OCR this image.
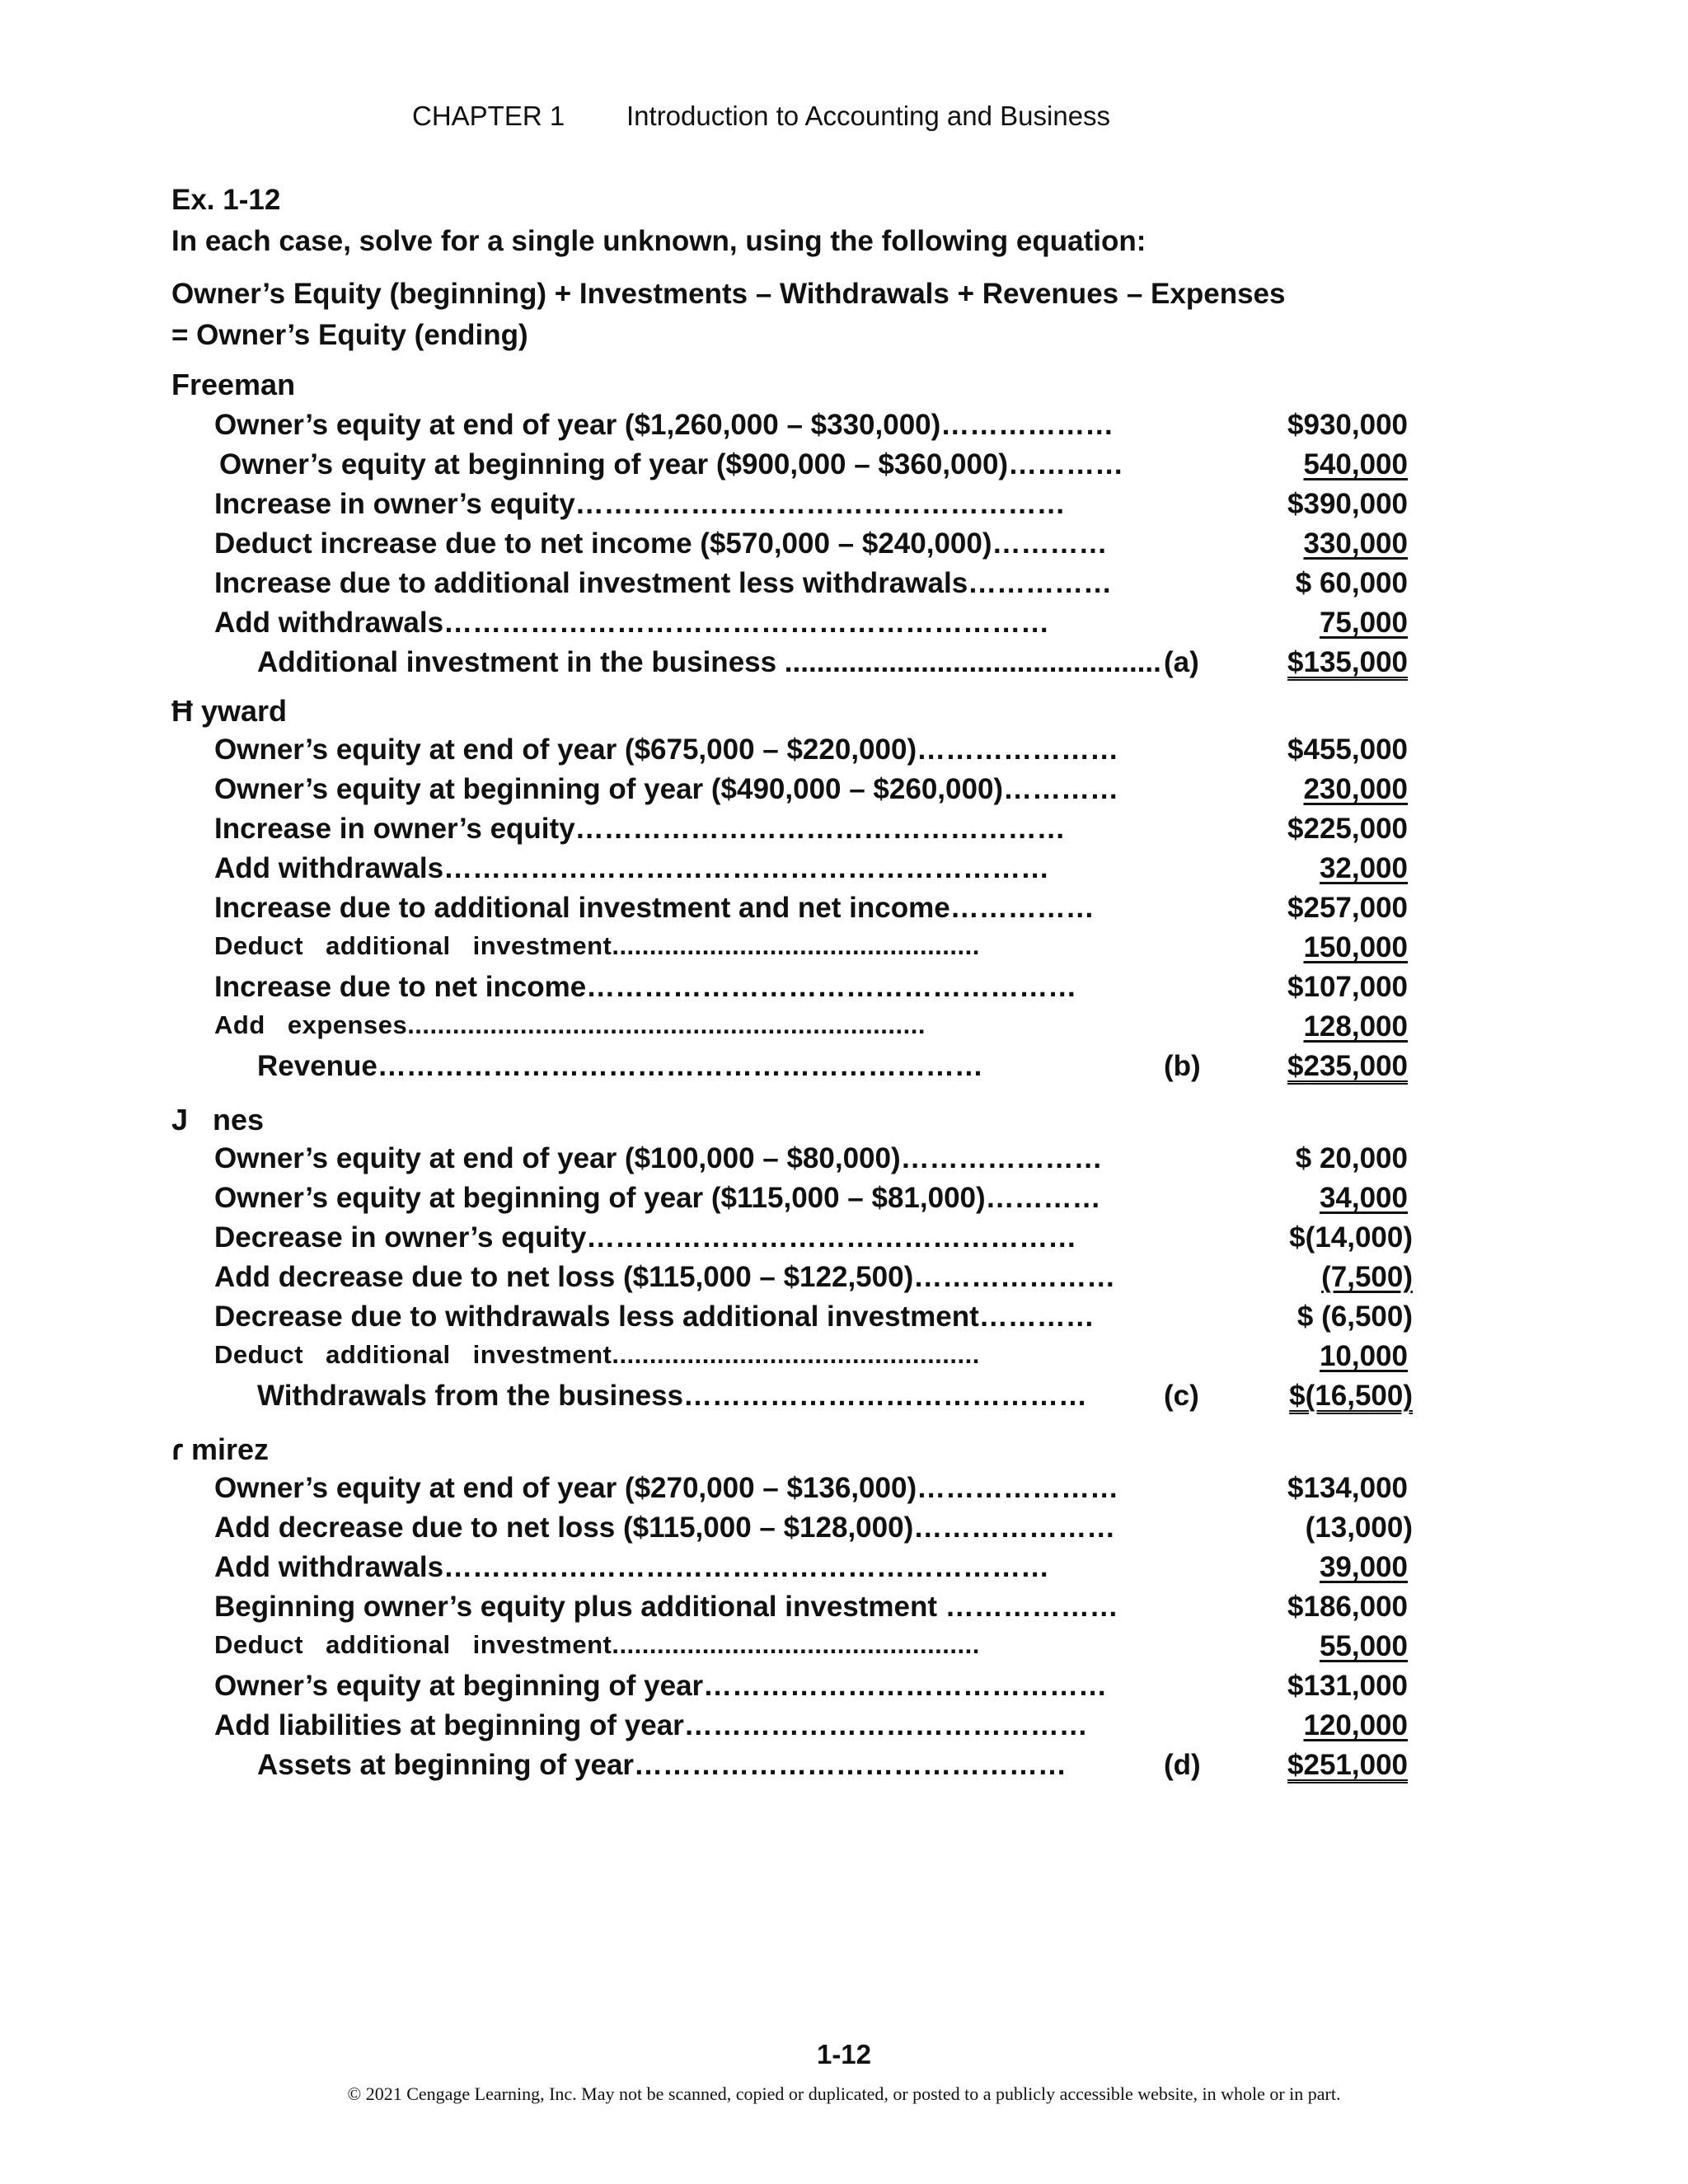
CHAPTER 1 Introduction to Accounting and Business
Ex. 1-12
In each case, solve for a single unknown, using the following equation:
Owner’s Equity (beginning) + Investments – Withdrawals + Revenues – Expenses
= Owner’s Equity (ending)
Freeman
Owner’s equity at end of year ($1,260,000 – $330,000)………………	$930,000
Owner’s equity at beginning of year ($900,000 – $360,000)…………	540,000
Increase in owner’s equity……………………………………………	$390,000
Deduct increase due to net income ($570,000 – $240,000)…………	330,000
Increase due to additional investment less withdrawals……………	$ 60,000
Add withdrawals………………………………………………………	75,000
Additional investment in the business ............................................... (a)	$135,000
Ħ yward
Owner’s equity at end of year ($675,000 – $220,000)…………………	$455,000
Owner’s equity at beginning of year ($490,000 – $260,000)…………	230,000
Increase in owner’s equity……………………………………………	$225,000
Add withdrawals………………………………………………………	32,000
Increase due to additional investment and net income……………	$257,000
Deduct additional investment.................................................	150,000
Increase due to net income……………………………………………	$107,000
Add expenses.....................................................................	128,000
Revenue………………………………………………………	(b)	$235,000
J   nes
Owner’s equity at end of year ($100,000 – $80,000)…………………	$ 20,000
Owner’s equity at beginning of year ($115,000 – $81,000)…………	34,000
Decrease in owner’s equity……………………………………………	$(14,000)
Add decrease due to net loss ($115,000 – $122,500)…………………	(7,500)
Decrease due to withdrawals less additional investment…………	$ (6,500)
Deduct additional investment.................................................	10,000
Withdrawals from the business……………………………………	(c)	$(16,500)
ɾ mirez
Owner’s equity at end of year ($270,000 – $136,000)…………………	$134,000
Add decrease due to net loss ($115,000 – $128,000)…………………	(13,000)
Add withdrawals………………………………………………………	39,000
Beginning owner’s equity plus additional investment ………………	$186,000
Deduct additional investment.................................................	55,000
Owner’s equity at beginning of year……………………………………	$131,000
Add liabilities at beginning of year……………………………………	120,000
Assets at beginning of year………………………………………	(d)	$251,000
1-12
© 2021 Cengage Learning, Inc. May not be scanned, copied or duplicated, or posted to a publicly accessible website, in whole or in part.
